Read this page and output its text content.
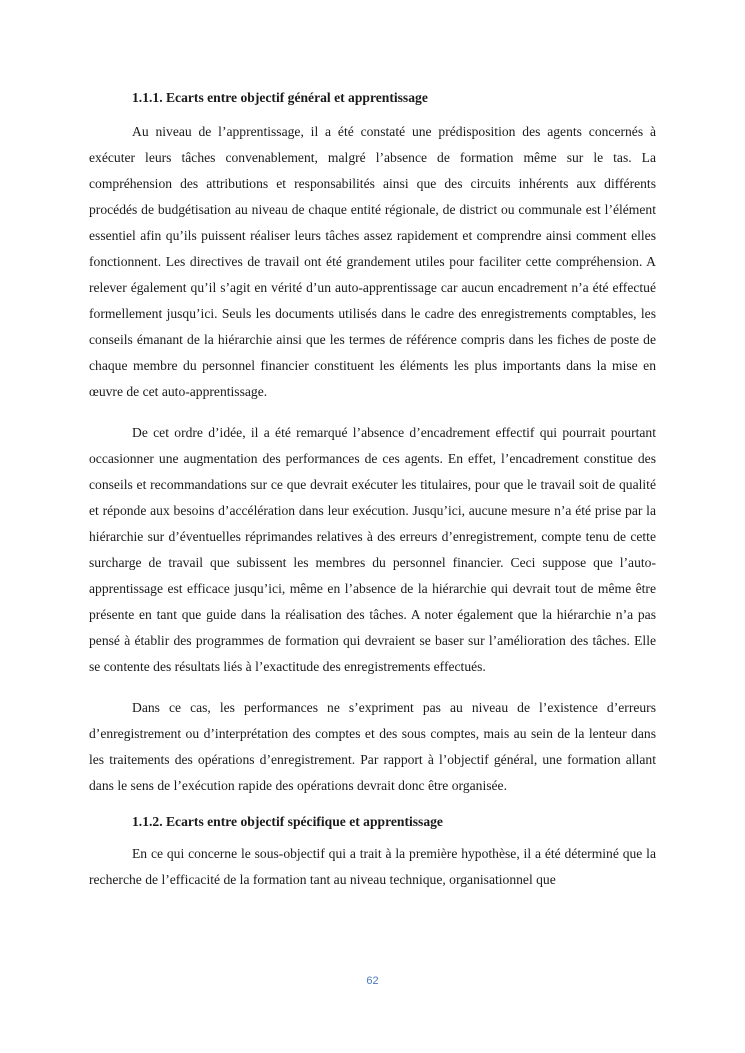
1.1.1. Ecarts entre objectif général et apprentissage

Au niveau de l’apprentissage, il a été constaté une prédisposition des agents concernés à exécuter leurs tâches convenablement, malgré l’absence de formation même sur le tas. La compréhension des attributions et responsabilités ainsi que des circuits inhérents aux différents procédés de budgétisation au niveau de chaque entité régionale, de district ou communale est l’élément essentiel afin qu’ils puissent réaliser leurs tâches assez rapidement et comprendre ainsi comment elles fonctionnent. Les directives de travail ont été grandement utiles pour faciliter cette compréhension. A relever également qu’il s’agit en vérité d’un auto-apprentissage car aucun encadrement n’a été effectué formellement jusqu’ici. Seuls les documents utilisés dans le cadre des enregistrements comptables, les conseils émanant de la hiérarchie ainsi que les termes de référence compris dans les fiches de poste de chaque membre du personnel financier constituent les éléments les plus importants dans la mise en œuvre de cet auto-apprentissage.

De cet ordre d’idée, il a été remarqué l’absence d’encadrement effectif qui pourrait pourtant occasionner une augmentation des performances de ces agents. En effet, l’encadrement constitue des conseils et recommandations sur ce que devrait exécuter les titulaires, pour que le travail soit de qualité et réponde aux besoins d’accélération dans leur exécution. Jusqu’ici, aucune mesure n’a été prise par la hiérarchie sur d’éventuelles réprimandes relatives à des erreurs d’enregistrement, compte tenu de cette surcharge de travail que subissent les membres du personnel financier. Ceci suppose que l’auto-apprentissage est efficace jusqu’ici, même en l’absence de la hiérarchie qui devrait tout de même être présente en tant que guide dans la réalisation des tâches. A noter également que la hiérarchie n’a pas pensé à établir des programmes de formation qui devraient se baser sur l’amélioration des tâches. Elle se contente des résultats liés à l’exactitude des enregistrements effectués.

Dans ce cas, les performances ne s’expriment pas au niveau de l’existence d’erreurs d’enregistrement ou d’interprétation des comptes et des sous comptes, mais au sein de la lenteur dans les traitements des opérations d’enregistrement. Par rapport à l’objectif général, une formation allant dans le sens de l’exécution rapide des opérations devrait donc être organisée.

1.1.2. Ecarts entre objectif spécifique et apprentissage

En ce qui concerne le sous-objectif qui a trait à la première hypothèse, il a été déterminé que la recherche de l’efficacité de la formation tant au niveau technique, organisationnel que

62
